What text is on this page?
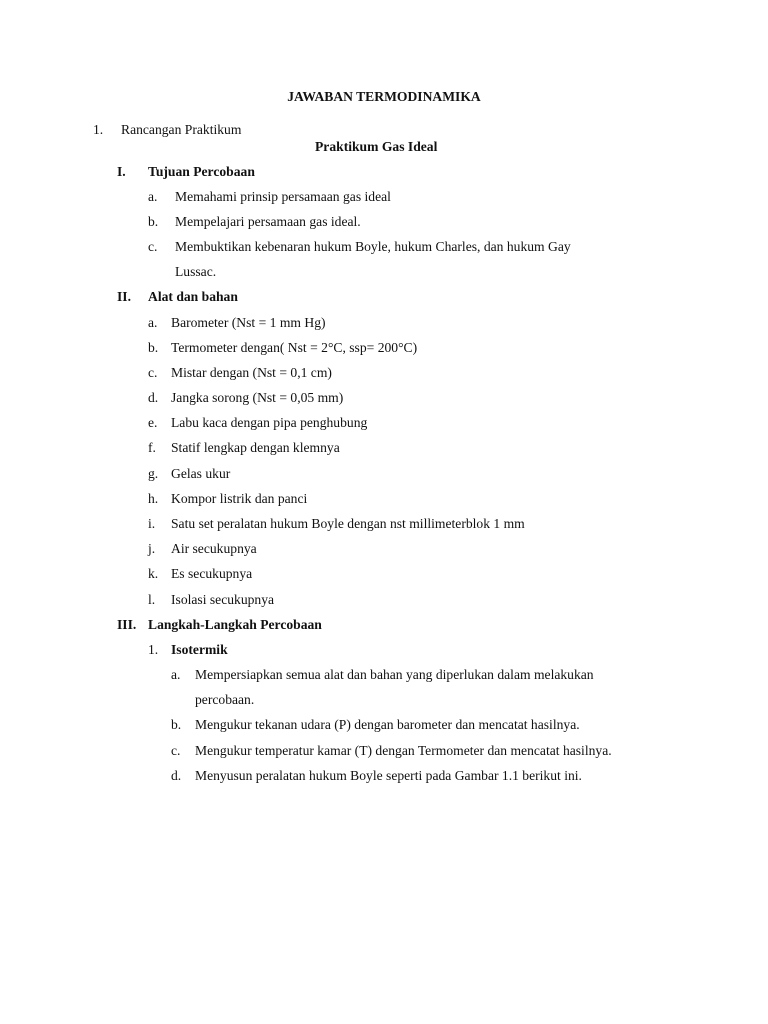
JAWABAN TERMODINAMIKA
1. Rancangan Praktikum
Praktikum Gas Ideal
I. Tujuan Percobaan
a. Memahami prinsip persamaan gas ideal
b. Mempelajari persamaan gas ideal.
c. Membuktikan kebenaran hukum Boyle, hukum Charles, dan hukum Gay
Lussac.
II. Alat dan bahan
a. Barometer (Nst = 1 mm Hg)
b. Termometer dengan( Nst = 2°C, ssp= 200°C)
c. Mistar dengan (Nst = 0,1 cm)
d. Jangka sorong (Nst = 0,05 mm)
e. Labu kaca dengan pipa penghubung
f. Statif lengkap dengan klemnya
g. Gelas ukur
h. Kompor listrik dan panci
i. Satu set peralatan hukum Boyle dengan nst millimeterblok 1 mm
j. Air secukupnya
k. Es secukupnya
l. Isolasi secukupnya
III. Langkah-Langkah Percobaan
1. Isotermik
a. Mempersiapkan semua alat dan bahan yang diperlukan dalam melakukan
percobaan.
b. Mengukur tekanan udara (P) dengan barometer dan mencatat hasilnya.
c. Mengukur temperatur kamar (T) dengan Termometer dan mencatat hasilnya.
d. Menyusun peralatan hukum Boyle seperti pada Gambar 1.1 berikut ini.
